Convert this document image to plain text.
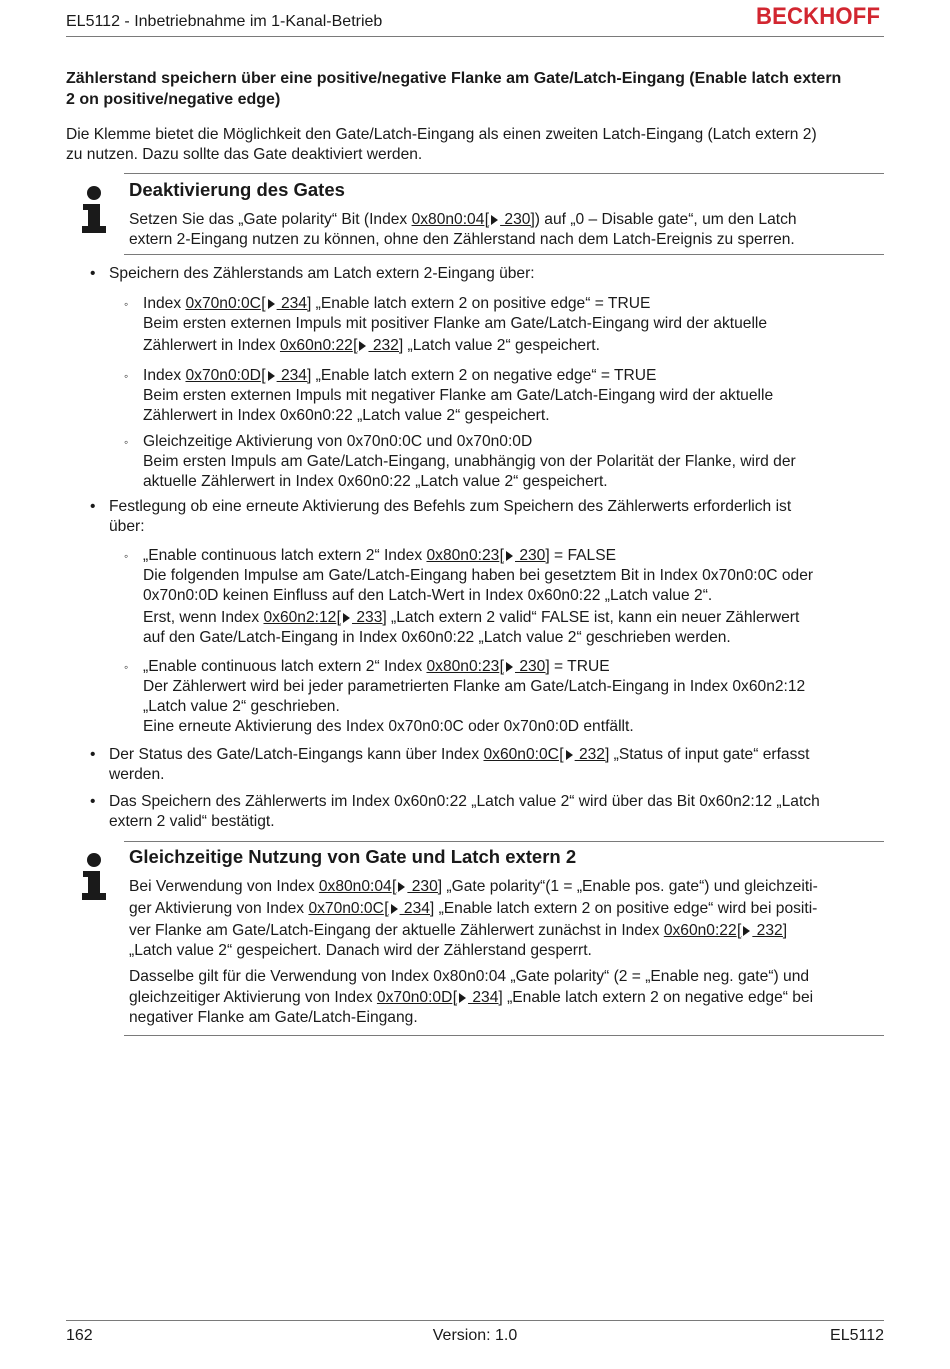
EL5112 - Inbetriebnahme im 1-Kanal-Betrieb	BECKHOFF
Zählerstand speichern über eine positive/negative Flanke am Gate/Latch-Eingang (Enable latch extern
2 on positive/negative edge)
Die Klemme bietet die Möglichkeit den Gate/Latch-Eingang als einen zweiten Latch-Eingang (Latch extern 2)
zu nutzen. Dazu sollte das Gate deaktiviert werden.
Deaktivierung des Gates
Setzen Sie das „Gate polarity“ Bit (Index 0x80n0:04 [ 230]) auf „0 – Disable gate“, um den Latch
extern 2-Eingang nutzen zu können, ohne den Zählerstand nach dem Latch-Ereignis zu sperren.
• Speichern des Zählerstands am Latch extern 2-Eingang über:
◦ Index 0x70n0:0C [ 234] „Enable latch extern 2 on positive edge“ = TRUE
Beim ersten externen Impuls mit positiver Flanke am Gate/Latch-Eingang wird der aktuelle
Zählerwert in Index 0x60n0:22 [ 232] „Latch value 2“ gespeichert.
◦ Index 0x70n0:0D [ 234] „Enable latch extern 2 on negative edge“ = TRUE
Beim ersten externen Impuls mit negativer Flanke am Gate/Latch-Eingang wird der aktuelle
Zählerwert in Index 0x60n0:22 „Latch value 2“ gespeichert.
◦ Gleichzeitige Aktivierung von 0x70n0:0C und 0x70n0:0D
Beim ersten Impuls am Gate/Latch-Eingang, unabhängig von der Polarität der Flanke, wird der
aktuelle Zählerwert in Index 0x60n0:22 „Latch value 2“ gespeichert.
• Festlegung ob eine erneute Aktivierung des Befehls zum Speichern des Zählerwerts erforderlich ist
über:
◦ „Enable continuous latch extern 2“ Index 0x80n0:23 [ 230] = FALSE
Die folgenden Impulse am Gate/Latch-Eingang haben bei gesetztem Bit in Index 0x70n0:0C oder
0x70n0:0D keinen Einfluss auf den Latch-Wert in Index 0x60n0:22 „Latch value 2“.
Erst, wenn Index 0x60n2:12 [ 233] „Latch extern 2 valid“ FALSE ist, kann ein neuer Zählerwert
auf den Gate/Latch-Eingang in Index 0x60n0:22 „Latch value 2“ geschrieben werden.
◦ „Enable continuous latch extern 2“ Index 0x80n0:23 [ 230] = TRUE
Der Zählerwert wird bei jeder parametrierten Flanke am Gate/Latch-Eingang in Index 0x60n2:12
„Latch value 2“ geschrieben.
Eine erneute Aktivierung des Index 0x70n0:0C oder 0x70n0:0D entfällt.
• Der Status des Gate/Latch-Eingangs kann über Index 0x60n0:0C [ 232] „Status of input gate“ erfasst
werden.
• Das Speichern des Zählerwerts im Index 0x60n0:22 „Latch value 2“ wird über das Bit 0x60n2:12 „Latch
extern 2 valid“ bestätigt.
Gleichzeitige Nutzung von Gate und Latch extern 2
Bei Verwendung von Index 0x80n0:04 [ 230] „Gate polarity“(1 = „Enable pos. gate“) und gleichzeiti-
ger Aktivierung von Index 0x70n0:0C [ 234] „Enable latch extern 2 on positive edge“ wird bei positi-
ver Flanke am Gate/Latch-Eingang der aktuelle Zählerwert zunächst in Index 0x60n0:22 [ 232]
„Latch value 2“ gespeichert. Danach wird der Zählerstand gesperrt.
Dasselbe gilt für die Verwendung von Index 0x80n0:04 „Gate polarity“ (2 = „Enable neg. gate“) und
gleichzeitiger Aktivierung von Index 0x70n0:0D [ 234] „Enable latch extern 2 on negative edge“ bei
negativer Flanke am Gate/Latch-Eingang.
162	Version: 1.0	EL5112
